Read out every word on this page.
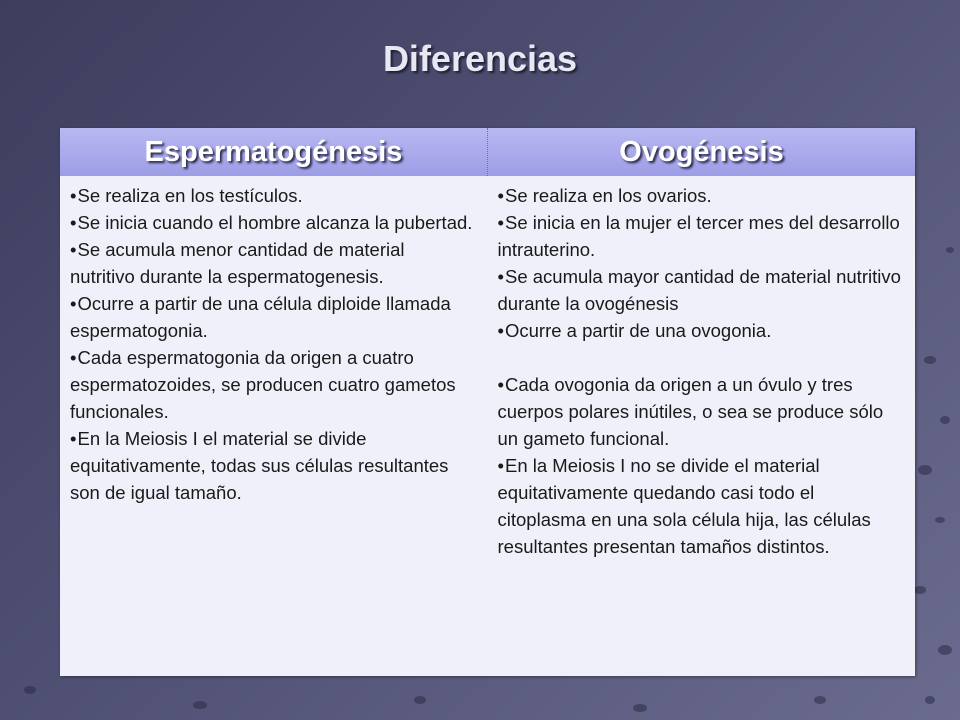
Diferencias
Espermatogénesis	Ovogénesis

•Se realiza en los testículos.

•Se inicia cuando el hombre alcanza la pubertad.

•Se acumula menor cantidad de material nutritivo durante la espermatogenesis.

•Ocurre a partir de una célula diploide llamada espermatogonia.

•Cada espermatogonia da origen a cuatro espermatozoides, se producen cuatro gametos funcionales.

•En la Meiosis I el material se divide equitativamente, todas sus células resultantes son de igual tamaño.

•Se realiza en los ovarios.

•Se inicia en la mujer el tercer mes del desarrollo intrauterino.

•Se acumula mayor cantidad de material nutritivo durante la ovogénesis

•Ocurre a partir de una ovogonia.

•Cada ovogonia da origen a un óvulo y tres cuerpos polares inútiles, o sea se produce sólo un gameto funcional.

•En la Meiosis I no se divide el material equitativamente quedando casi todo el citoplasma en una sola célula hija, las células resultantes presentan tamaños distintos.
